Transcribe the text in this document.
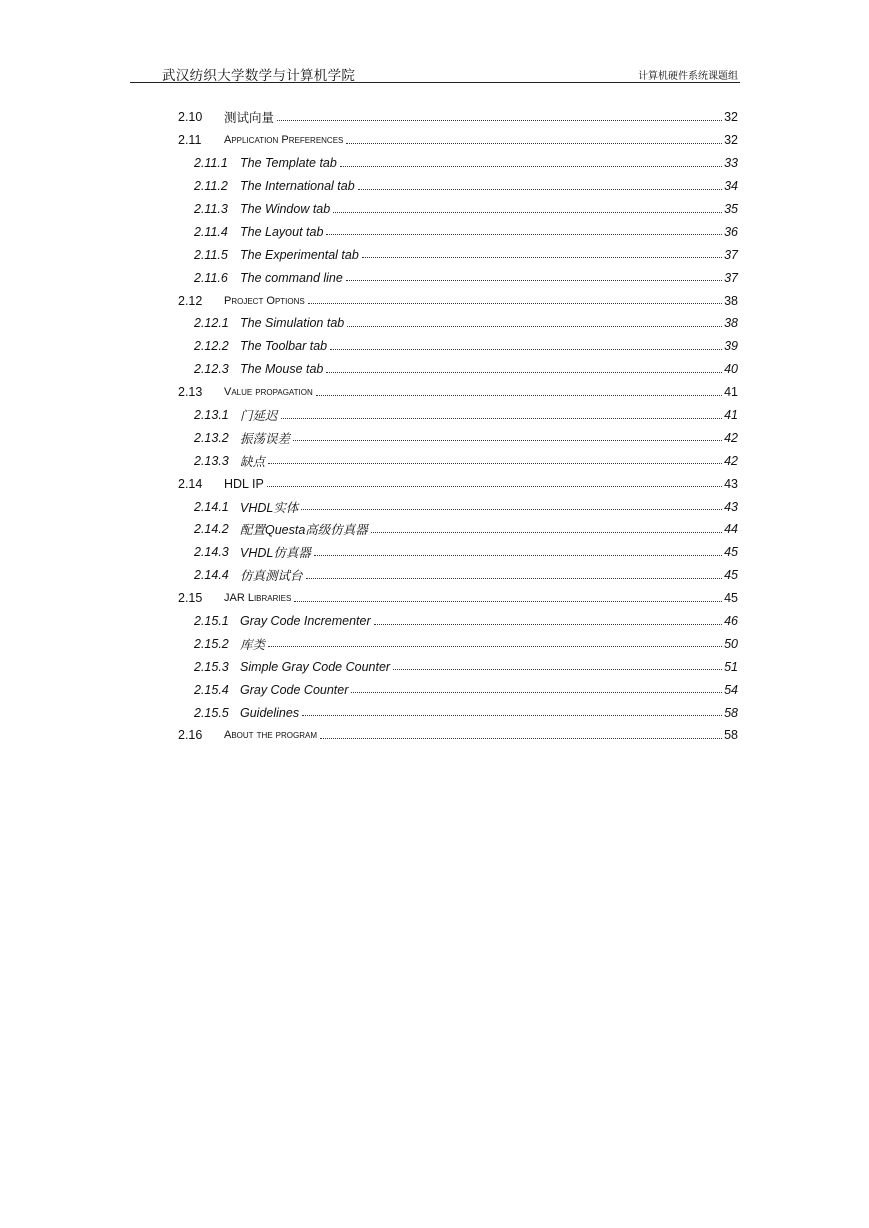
武汉纺织大学数学与计算机学院	计算机硬件系统课题组
2.10	测试向量	32
2.11	Application Preferences	32
2.11.1 The Template tab	33
2.11.2 The International tab	34
2.11.3 The Window tab	35
2.11.4 The Layout tab	36
2.11.5 The Experimental tab	37
2.11.6 The command line	37
2.12	Project Options	38
2.12.1 The Simulation tab	38
2.12.2 The Toolbar tab	39
2.12.3 The Mouse tab	40
2.13	Value propagation	41
2.13.1 门延迟	41
2.13.2 振荡误差	42
2.13.3 缺点	42
2.14	HDL IP	43
2.14.1 VHDL实体	43
2.14.2 配置Questa高级仿真器	44
2.14.3 VHDL仿真器	45
2.14.4 仿真测试台	45
2.15	JAR Libraries	45
2.15.1 Gray Code Incrementer	46
2.15.2 库类	50
2.15.3 Simple Gray Code Counter	51
2.15.4 Gray Code Counter	54
2.15.5 Guidelines	58
2.16	About the program	58
